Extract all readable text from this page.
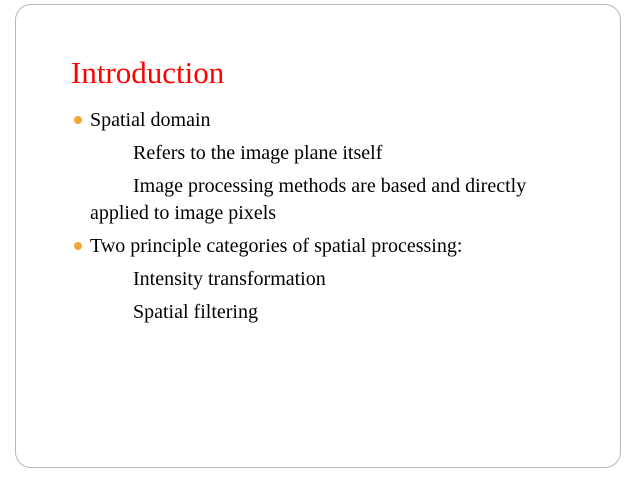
Introduction
Spatial domain
Refers to the image plane itself
Image processing methods are based and directly
applied to image pixels
Two principle categories of spatial processing:
Intensity transformation
Spatial filtering
